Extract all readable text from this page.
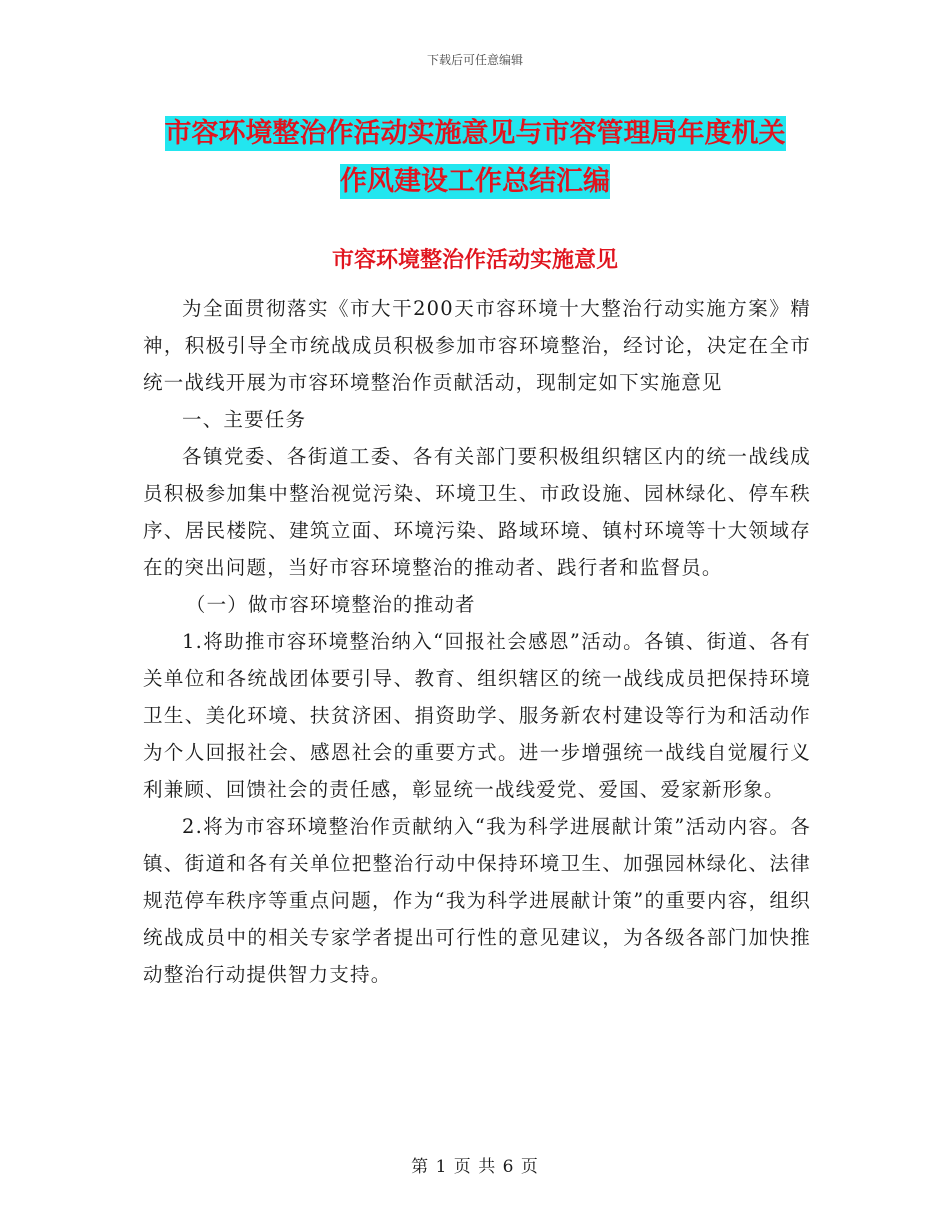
下载后可任意编辑
市容环境整治作活动实施意见与市容管理局年度机关
作风建设工作总结汇编
市容环境整治作活动实施意见

为全面贯彻落实《市大干200天市容环境十大整治行动实施方案》精神，积极引导全市统战成员积极参加市容环境整治，经讨论，决定在全市统一战线开展为市容环境整治作贡献活动，现制定如下实施意见

一、主要任务

各镇党委、各街道工委、各有关部门要积极组织辖区内的统一战线成员积极参加集中整治视觉污染、环境卫生、市政设施、园林绿化、停车秩序、居民楼院、建筑立面、环境污染、路域环境、镇村环境等十大领域存在的突出问题，当好市容环境整治的推动者、践行者和监督员。

（一）做市容环境整治的推动者

1.将助推市容环境整治纳入“回报社会感恩”活动。各镇、街道、各有关单位和各统战团体要引导、教育、组织辖区的统一战线成员把保持环境卫生、美化环境、扶贫济困、捐资助学、服务新农村建设等行为和活动作为个人回报社会、感恩社会的重要方式。进一步增强统一战线自觉履行义利兼顾、回馈社会的责任感，彰显统一战线爱党、爱国、爱家新形象。

2.将为市容环境整治作贡献纳入“我为科学进展献计策”活动内容。各镇、街道和各有关单位把整治行动中保持环境卫生、加强园林绿化、法律规范停车秩序等重点问题，作为“我为科学进展献计策”的重要内容，组织统战成员中的相关专家学者提出可行性的意见建议，为各级各部门加快推动整治行动提供智力支持。

第 1 页 共 6 页
